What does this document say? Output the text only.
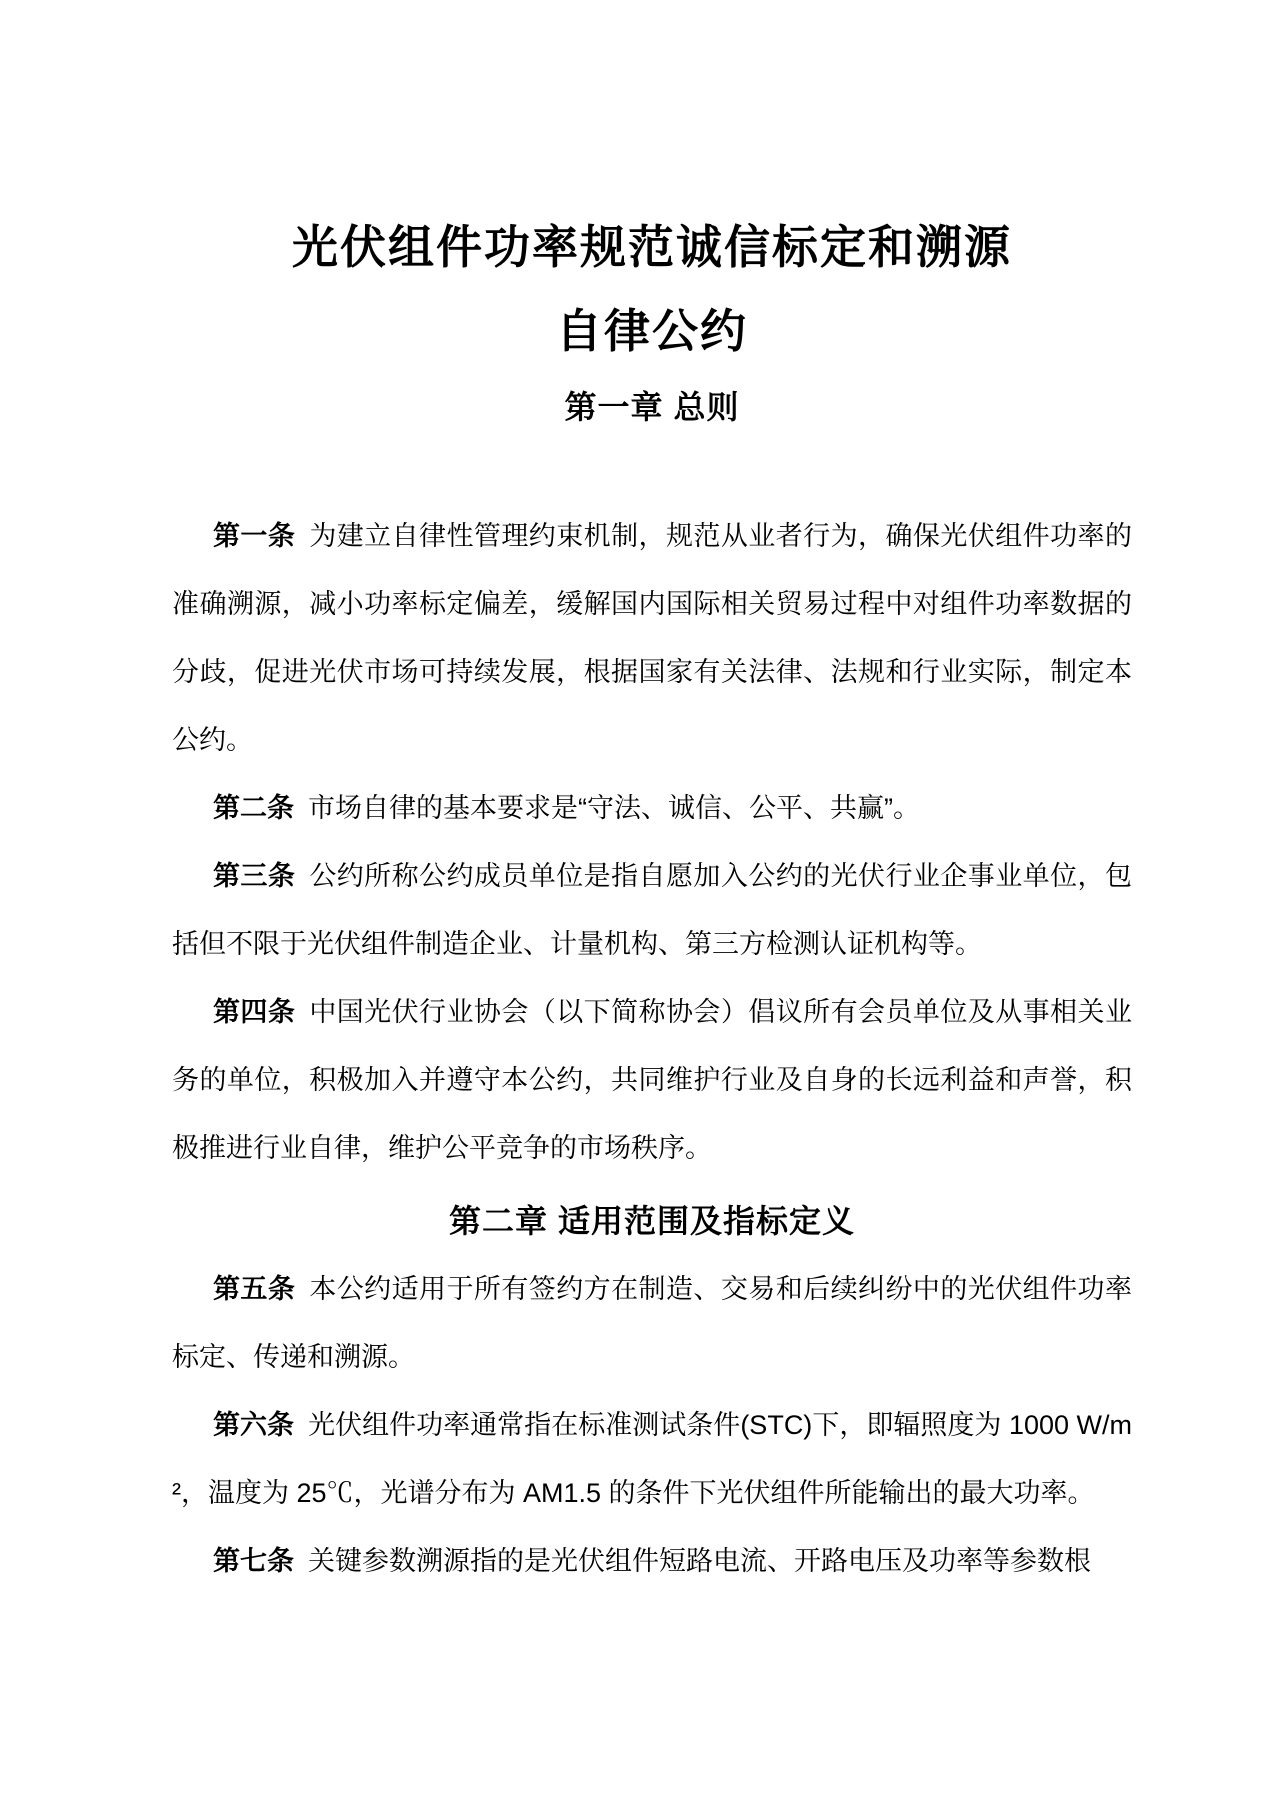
光伏组件功率规范诚信标定和溯源
自律公约
第一章 总则

第一条 为建立自律性管理约束机制，规范从业者行为，确保光伏组件功率的准确溯源，减小功率标定偏差，缓解国内国际相关贸易过程中对组件功率数据的分歧，促进光伏市场可持续发展，根据国家有关法律、法规和行业实际，制定本公约。

第二条 市场自律的基本要求是“守法、诚信、公平、共赢”。

第三条 公约所称公约成员单位是指自愿加入公约的光伏行业企事业单位，包括但不限于光伏组件制造企业、计量机构、第三方检测认证机构等。

第四条 中国光伏行业协会（以下简称协会）倡议所有会员单位及从事相关业务的单位，积极加入并遵守本公约，共同维护行业及自身的长远利益和声誉，积极推进行业自律，维护公平竞争的市场秩序。

第二章 适用范围及指标定义

第五条 本公约适用于所有签约方在制造、交易和后续纠纷中的光伏组件功率标定、传递和溯源。

第六条 光伏组件功率通常指在标准测试条件(STC)下，即辐照度为 1000 W/m²，温度为 25℃，光谱分布为 AM1.5 的条件下光伏组件所能输出的最大功率。

第七条 关键参数溯源指的是光伏组件短路电流、开路电压及功率等参数根
